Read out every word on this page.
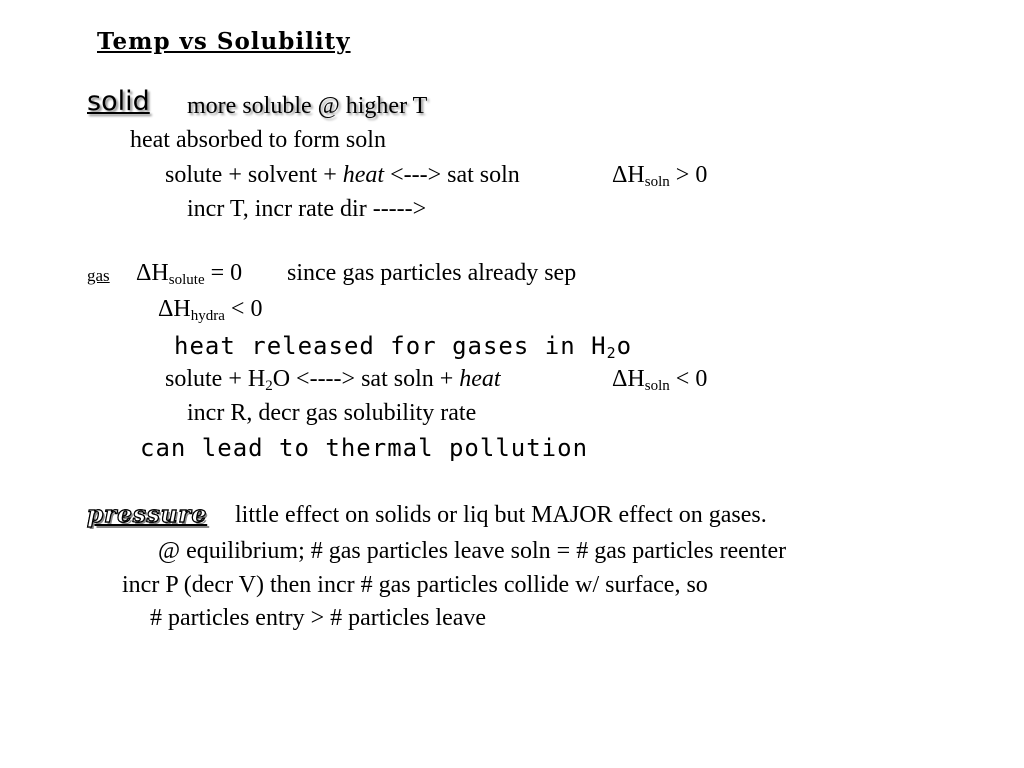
Temp vs Solubility
solid more soluble @ higher T
heat absorbed to form soln
solute + solvent + heat <---> sat soln	$\Delta H_{soln} > 0$
incr T, incr rate dir ----->
gas $\Delta H_{solute} = 0$ since gas particles already sep
$\Delta H_{hydra} < 0$
heat released for gases in $H_2o$
solute + $H_2O$ <----> sat soln + heat	$\Delta H_{soln} < 0$
incr R, decr gas solubility rate
can lead to thermal pollution
pressure little effect on solids or liq but MAJOR effect on gases.
@ equilibrium; # gas particles leave soln = # gas particles reenter
incr P (decr V) then incr # gas particles collide w/ surface, so
# particles entry > # particles leave
